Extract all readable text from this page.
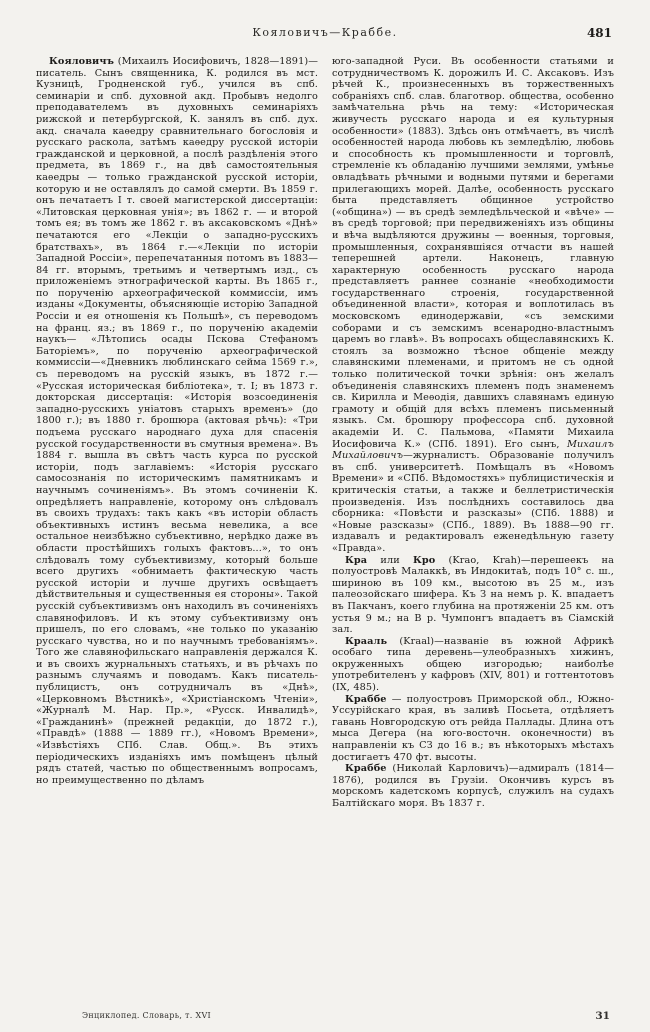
Кояловичъ—Краббе.	481

Кояловичъ (Михаилъ Иосифовичъ, 1828—1891)—писатель. Сынъ священника, К. родился въ мст. Кузницѣ, Гродненской губ., учился въ спб. семинаріи и спб. духовной акд. Пробывъ недолго преподавателемъ въ духовныхъ семинаріяхъ рижской и петербургской, К. занялъ въ спб. дух. акд. сначала каѳедру сравнительнаго богословія и русскаго раскола, затѣмъ каѳедру русской исторіи гражданской и церковной, а послѣ раздѣленія этого предмета, въ 1869 г., на двѣ самостоятельныя каѳедры — только гражданской русской исторіи, которую и не оставлялъ до самой смерти. Въ 1859 г. онъ печатаетъ I т. своей магистерской диссертаціи: «Литовская церковная унія»; въ 1862 г. — и второй томъ ея; въ томъ же 1862 г. въ аксаковскомъ «Днѣ» печатаются его «Лекціи о западно-русскихъ братствахъ», въ 1864 г.—«Лекціи по исторіи Западной Россіи», перепечатанныя потомъ въ 1883—84 гг. вторымъ, третьимъ и четвертымъ изд., съ приложеніемъ этнографической карты. Въ 1865 г., по порученію археографической коммиссіи, имъ изданы «Документы, объясняющіе исторію Западной Россіи и ея отношенія къ Польшѣ», съ переводомъ на франц. яз.; въ 1869 г., по порученію академіи наукъ— «Лѣтопись осады Пскова Стефаномъ Баторіемъ», по порученію археографической коммиссіи—«Дневникъ люблинскаго сейма 1569 г.», съ переводомъ на русскій языкъ, въ 1872 г.— «Русская историческая библіотека», т. I; въ 1873 г. докторская диссертація: «Исторія возсоединенія западно-русскихъ уніатовъ старыхъ временъ» (до 1800 г.); въ 1880 г. брошюра (актовая рѣчь): «Три подъема русскаго народнаго духа для спасенія русской государственности въ смутныя времена». Въ 1884 г. вышла въ свѣтъ часть курса по русской исторіи, подъ заглавіемъ: «Исторія русскаго самосознанія по историческимъ памятникамъ и научнымъ сочиненіямъ». Въ этомъ сочиненіи К. опредѣляетъ направленіе, которому онъ слѣдовалъ въ своихъ трудахъ: такъ какъ «въ исторіи область объективныхъ истинъ весьма невелика, а все остальное неизбѣжно субъективно, нерѣдко даже въ области простѣйшихъ голыхъ фактовъ...», то онъ слѣдовалъ тому субъективизму, который больше всего другихъ «обнимаетъ фактическую часть русской исторіи и лучше другихъ освѣщаетъ дѣйствительныя и существенныя ея стороны». Такой русскій субъективизмъ онъ находилъ въ сочиненіяхъ славянофиловъ. И къ этому субъективизму онъ пришелъ, по его словамъ, «не только по указанію русскаго чувства, но и по научнымъ требованіямъ». Того же славянофильскаго направленія держался К. и въ своихъ журнальныхъ статьяхъ, и въ рѣчахъ по разнымъ случаямъ и поводамъ. Какъ писатель-публицистъ, онъ сотрудничалъ въ «Днѣ», «Церковномъ Вѣстникѣ», «Христіанскомъ Чтеніи», «Журналѣ М. Нар. Пр.», «Русск. Инвалидѣ», «Гражданинѣ» (прежней редакціи, до 1872 г.), «Правдѣ» (1888 — 1889 гг.), «Новомъ Времени», «Извѣстіяхъ СПб. Слав. Общ.». Въ этихъ періодическихъ изданіяхъ имъ помѣщенъ цѣлый рядъ статей, частью по общественнымъ вопросамъ, но преимущественно по дѣламъ

юго-западной Руси. Въ особенности статьями и сотрудничествомъ К. дорожилъ И. С. Аксаковъ. Изъ рѣчей К., произнесенныхъ въ торжественныхъ собраніяхъ спб. слав. благотвор. общества, особенно замѣчательна рѣчь на тему: «Историческая живучесть русскаго народа и ея культурныя особенности» (1883). Здѣсь онъ отмѣчаетъ, въ числѣ особенностей народа любовь къ земледѣлію, любовь и способность къ промышленности и торговлѣ, стремленіе къ обладанію лучшими землями, умѣнье овладѣвать рѣчными и водными путями и берегами прилегающихъ морей. Далѣе, особенность русскаго быта представляетъ общинное устройство («община») — въ средѣ земледѣльческой и «вѣче» — въ средѣ торговой; при передвиженіяхъ изъ общины и вѣча выдѣляются дружины — военныя, торговыя, промышленныя, сохранявшіяся отчасти въ нашей теперешней артели. Наконецъ, главную характерную особенность русскаго народа представляетъ раннее сознаніе «необходимости государственнаго строенія, государственной объединенной власти», которая и воплотилась въ московскомъ единодержавіи, «съ земскими соборами и съ земскимъ всенародно-властнымъ царемъ во главѣ». Въ вопросахъ общеславянскихъ К. стоялъ за возможно тѣсное общеніе между славянскими племенами, и притомъ не съ одной только политической точки зрѣнія: онъ желалъ объединенія славянскихъ племенъ подъ знаменемъ св. Кирилла и Меѳодія, давшихъ славянамъ единую грамоту и общій для всѣхъ племенъ письменный языкъ. См. брошюру профессора спб. духовной академіи И. С. Пальмова, «Памяти Михаила Иосифовича К.» (СПб. 1891). Его сынъ, Михаилъ Михайловичъ—журналистъ. Образованіе получилъ въ спб. университетѣ. Помѣщалъ въ «Новомъ Времени» и «СПб. Вѣдомостяхъ» публицистическія и критическія статьи, а также и беллетристическія произведенія. Изъ послѣднихъ составилось два сборника: «Повѣсти и разсказы» (СПб. 1888) и «Новые разсказы» (СПб., 1889). Въ 1888—90 гг. издавалъ и редактировалъ еженедѣльную газету «Правда».

Кра или Кро (Krao, Krah)—перешеекъ на полуостровѣ Малаккѣ, въ Индокитаѣ, подъ 10° с. ш., шириною въ 109 км., высотою въ 25 м., изъ палеозойскаго шифера. Къ З на немъ р. К. впадаетъ въ Пакчанъ, коего глубина на протяженіи 25 км. отъ устья 9 м.; на В р. Чумпонгъ впадаетъ въ Сіамскій зал.

Крааль (Kraal)—названіе въ южной Африкѣ особаго типа деревень—улеобразныхъ хижинъ, окруженныхъ общею изгородью; наиболѣе употребителенъ у кафровъ (XIV, 801) и готтентотовъ (IX, 485).

Краббе — полуостровъ Приморской обл., Южно-Уссурійскаго края, въ заливѣ Посьета, отдѣляетъ гавань Новгородскую отъ рейда Паллады. Длина отъ мыса Дегера (на юго-восточн. оконечности) въ направленіи къ СЗ до 16 в.; въ нѣкоторыхъ мѣстахъ достигаетъ 470 фт. высоты.

Краббе (Николай Карловичъ)—адмиралъ (1814—1876), родился въ Грузіи. Окончивъ курсъ въ морскомъ кадетскомъ корпусѣ, служилъ на судахъ Балтійскаго моря. Въ 1837 г.

Энциклопед. Словарь, т. XVI	31
